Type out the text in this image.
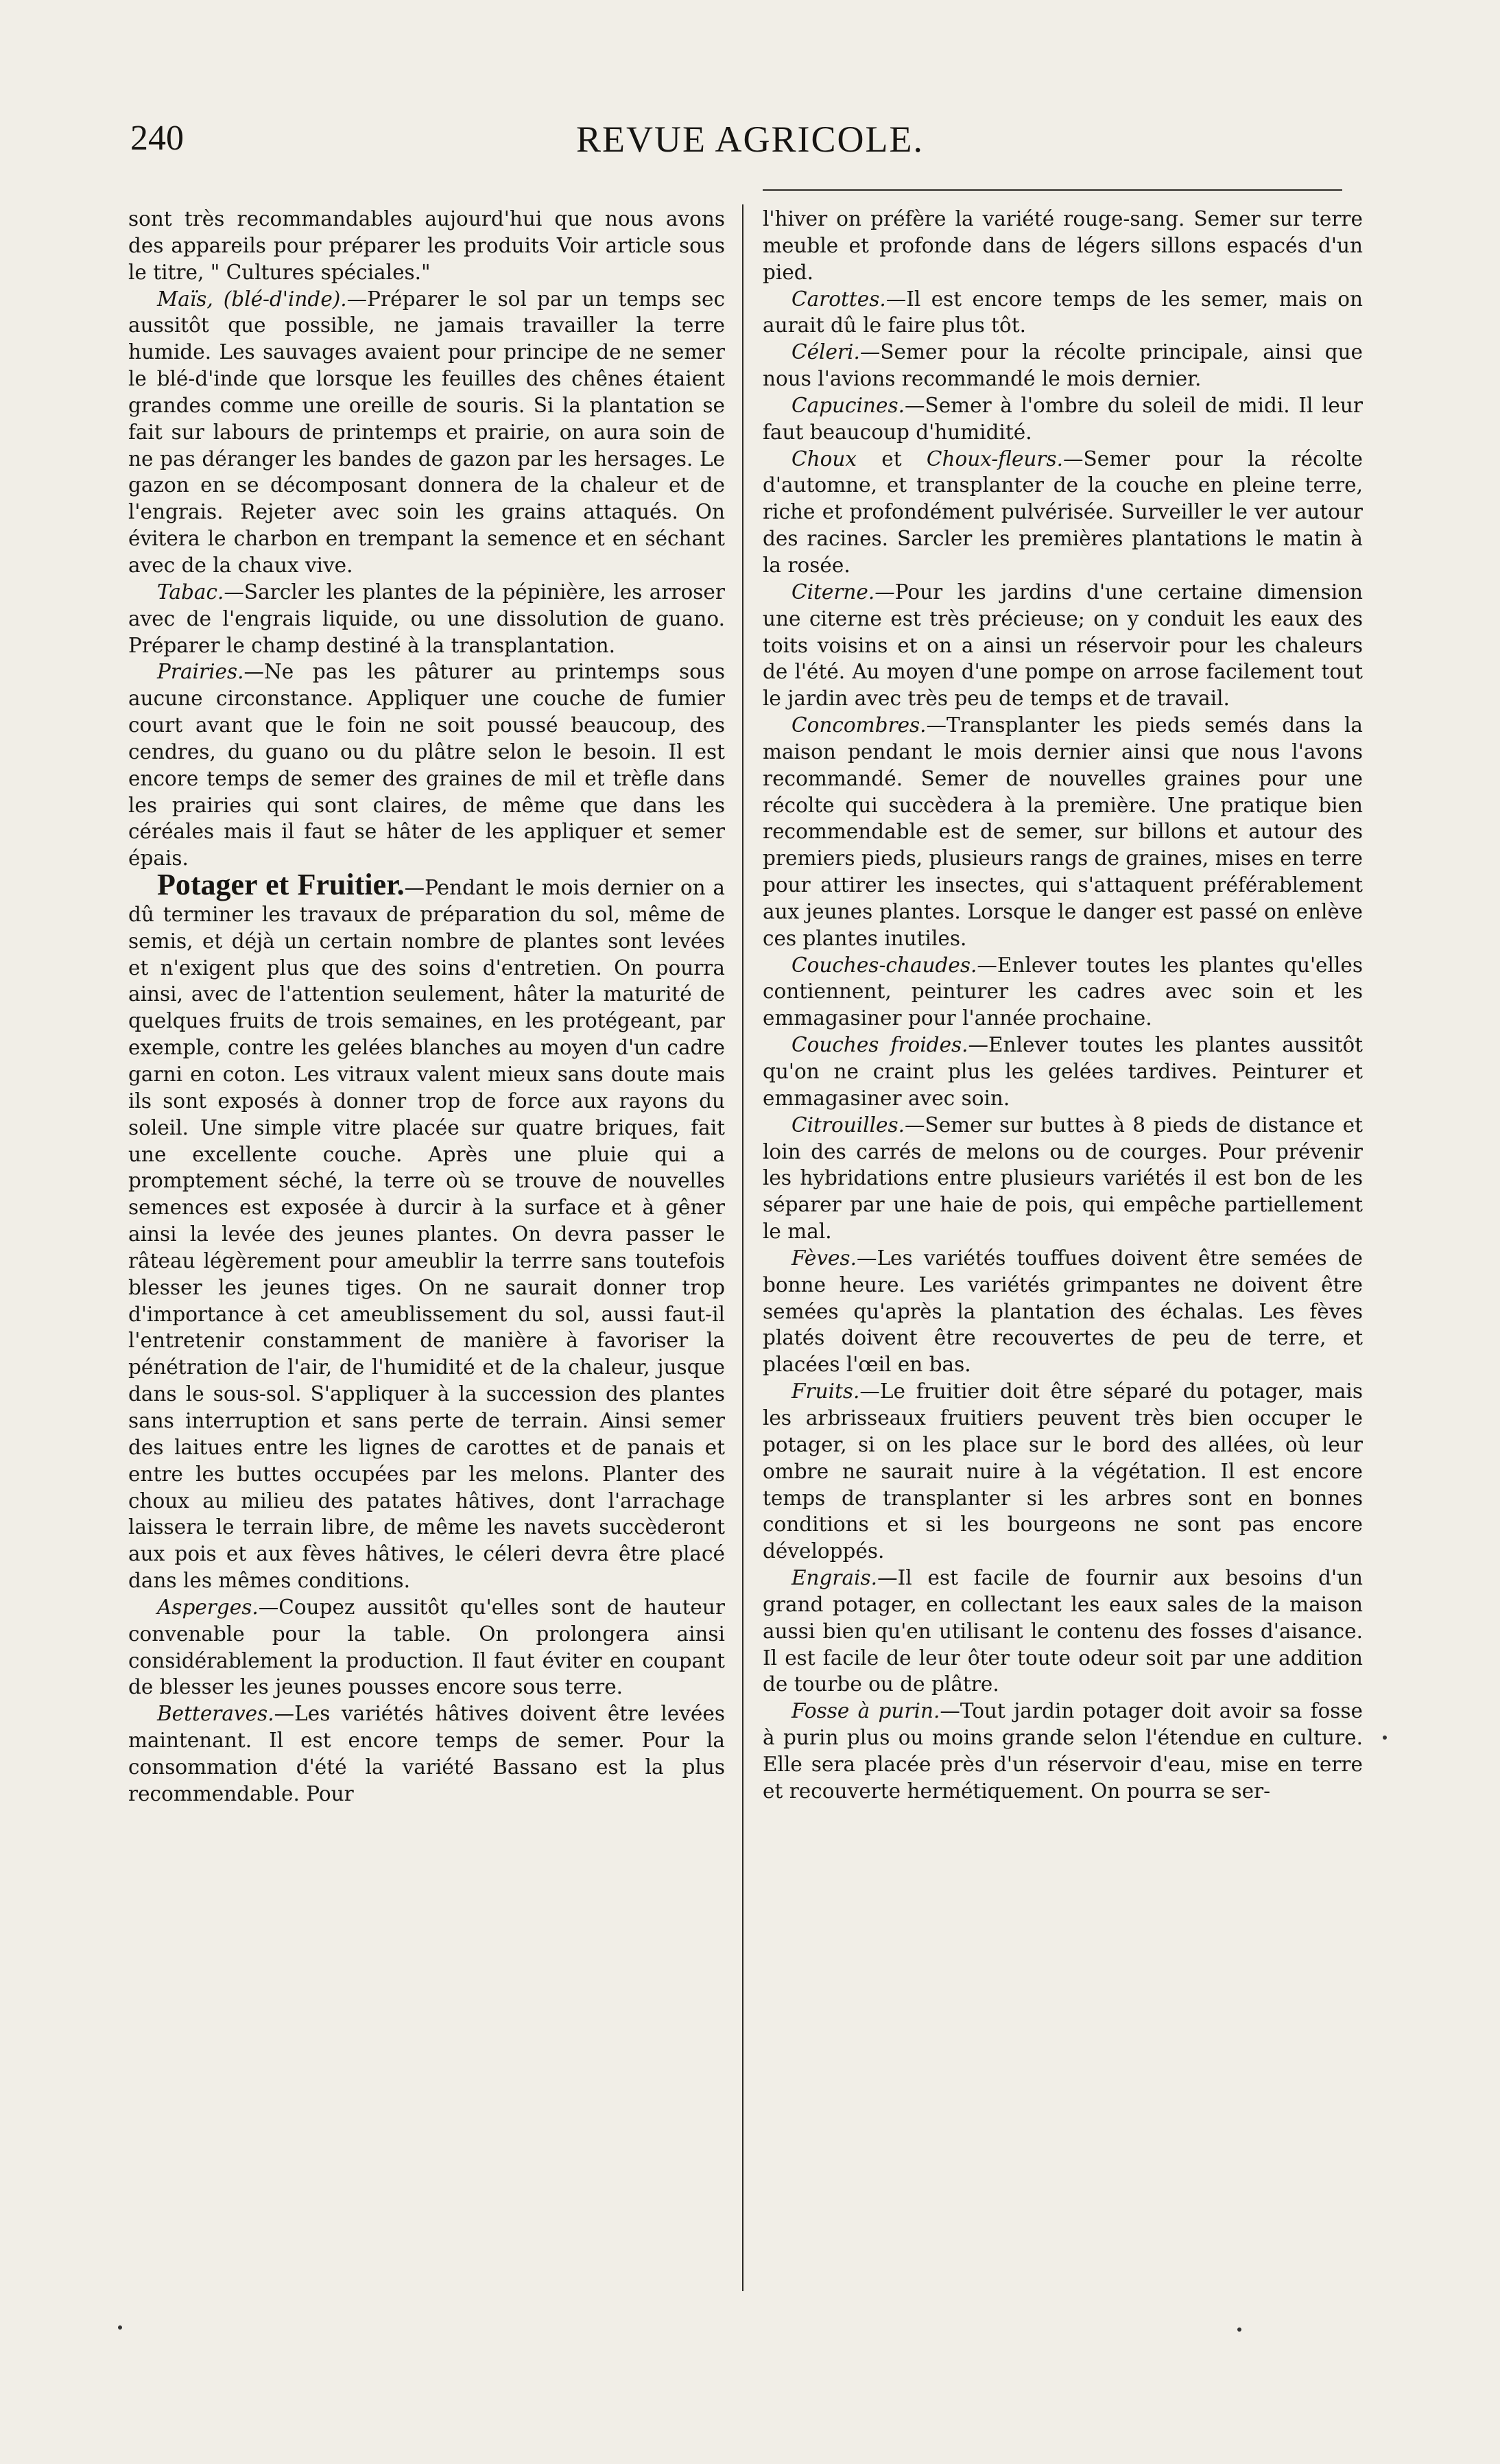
240	REVUE AGRICOLE.

sont très recommandables aujourd'hui que nous avons des appareils pour préparer les produits Voir article sous le titre, " Cultures spéciales."

Maïs, (blé-d'inde).—Préparer le sol par un temps sec aussitôt que possible, ne jamais travailler la terre humide. Les sauvages avaient pour principe de ne semer le blé-d'inde que lorsque les feuilles des chênes étaient grandes comme une oreille de souris. Si la plantation se fait sur labours de printemps et prairie, on aura soin de ne pas déranger les bandes de gazon par les hersages. Le gazon en se décomposant donnera de la chaleur et de l'engrais. Rejeter avec soin les grains attaqués. On évitera le charbon en trempant la semence et en séchant avec de la chaux vive.

Tabac.—Sarcler les plantes de la pépinière, les arroser avec de l'engrais liquide, ou une dissolution de guano. Préparer le champ destiné à la transplantation.

Prairies.—Ne pas les pâturer au printemps sous aucune circonstance. Appliquer une couche de fumier court avant que le foin ne soit poussé beaucoup, des cendres, du guano ou du plâtre selon le besoin. Il est encore temps de semer des graines de mil et trèfle dans les prairies qui sont claires, de même que dans les céréales mais il faut se hâter de les appliquer et semer épais.

Potager et Fruitier.—Pendant le mois dernier on a dû terminer les travaux de préparation du sol, même de semis, et déjà un certain nombre de plantes sont levées et n'exigent plus que des soins d'entretien. On pourra ainsi, avec de l'attention seulement, hâter la maturité de quelques fruits de trois semaines, en les protégeant, par exemple, contre les gelées blanches au moyen d'un cadre garni en coton. Les vitraux valent mieux sans doute mais ils sont exposés à donner trop de force aux rayons du soleil. Une simple vitre placée sur quatre briques, fait une excellente couche. Après une pluie qui a promptement séché, la terre où se trouve de nouvelles semences est exposée à durcir à la surface et à gêner ainsi la levée des jeunes plantes. On devra passer le râteau légèrement pour ameublir la terrre sans toutefois blesser les jeunes tiges. On ne saurait donner trop d'importance à cet ameublissement du sol, aussi faut-il l'entretenir constamment de manière à favoriser la pénétration de l'air, de l'humidité et de la chaleur, jusque dans le sous-sol. S'appliquer à la succession des plantes sans interruption et sans perte de terrain. Ainsi semer des laitues entre les lignes de carottes et de panais et entre les buttes occupées par les melons. Planter des choux au milieu des patates hâtives, dont l'arrachage laissera le terrain libre, de même les navets succèderont aux pois et aux fèves hâtives, le céleri devra être placé dans les mêmes conditions.

Asperges.—Coupez aussitôt qu'elles sont de hauteur convenable pour la table. On prolongera ainsi considérablement la production. Il faut éviter en coupant de blesser les jeunes pousses encore sous terre.

Betteraves.—Les variétés hâtives doivent être levées maintenant. Il est encore temps de semer. Pour la consommation d'été la variété Bassano est la plus recommendable. Pour

l'hiver on préfère la variété rouge-sang. Semer sur terre meuble et profonde dans de légers sillons espacés d'un pied.

Carottes.—Il est encore temps de les semer, mais on aurait dû le faire plus tôt.

Céleri.—Semer pour la récolte principale, ainsi que nous l'avions recommandé le mois dernier.

Capucines.—Semer à l'ombre du soleil de midi. Il leur faut beaucoup d'humidité.

Choux et Choux-fleurs.—Semer pour la récolte d'automne, et transplanter de la couche en pleine terre, riche et profondément pulvérisée. Surveiller le ver autour des racines. Sarcler les premières plantations le matin à la rosée.

Citerne.—Pour les jardins d'une certaine dimension une citerne est très précieuse; on y conduit les eaux des toits voisins et on a ainsi un réservoir pour les chaleurs de l'été. Au moyen d'une pompe on arrose facilement tout le jardin avec très peu de temps et de travail.

Concombres.—Transplanter les pieds semés dans la maison pendant le mois dernier ainsi que nous l'avons recommandé. Semer de nouvelles graines pour une récolte qui succèdera à la première. Une pratique bien recommendable est de semer, sur billons et autour des premiers pieds, plusieurs rangs de graines, mises en terre pour attirer les insectes, qui s'attaquent préférablement aux jeunes plantes. Lorsque le danger est passé on enlève ces plantes inutiles.

Couches-chaudes.—Enlever toutes les plantes qu'elles contiennent, peinturer les cadres avec soin et les emmagasiner pour l'année prochaine.

Couches froides.—Enlever toutes les plantes aussitôt qu'on ne craint plus les gelées tardives. Peinturer et emmagasiner avec soin.

Citrouilles.—Semer sur buttes à 8 pieds de distance et loin des carrés de melons ou de courges. Pour prévenir les hybridations entre plusieurs variétés il est bon de les séparer par une haie de pois, qui empêche partiellement le mal.

Fèves.—Les variétés touffues doivent être semées de bonne heure. Les variétés grimpantes ne doivent être semées qu'après la plantation des échalas. Les fèves platés doivent être recouvertes de peu de terre, et placées l'œil en bas.

Fruits.—Le fruitier doit être séparé du potager, mais les arbrisseaux fruitiers peuvent très bien occuper le potager, si on les place sur le bord des allées, où leur ombre ne saurait nuire à la végétation. Il est encore temps de transplanter si les arbres sont en bonnes conditions et si les bourgeons ne sont pas encore développés.

Engrais.—Il est facile de fournir aux besoins d'un grand potager, en collectant les eaux sales de la maison aussi bien qu'en utilisant le contenu des fosses d'aisance. Il est facile de leur ôter toute odeur soit par une addition de tourbe ou de plâtre.

Fosse à purin.—Tout jardin potager doit avoir sa fosse à purin plus ou moins grande selon l'étendue en culture. Elle sera placée près d'un réservoir d'eau, mise en terre et recouverte hermétiquement. On pourra se ser-
